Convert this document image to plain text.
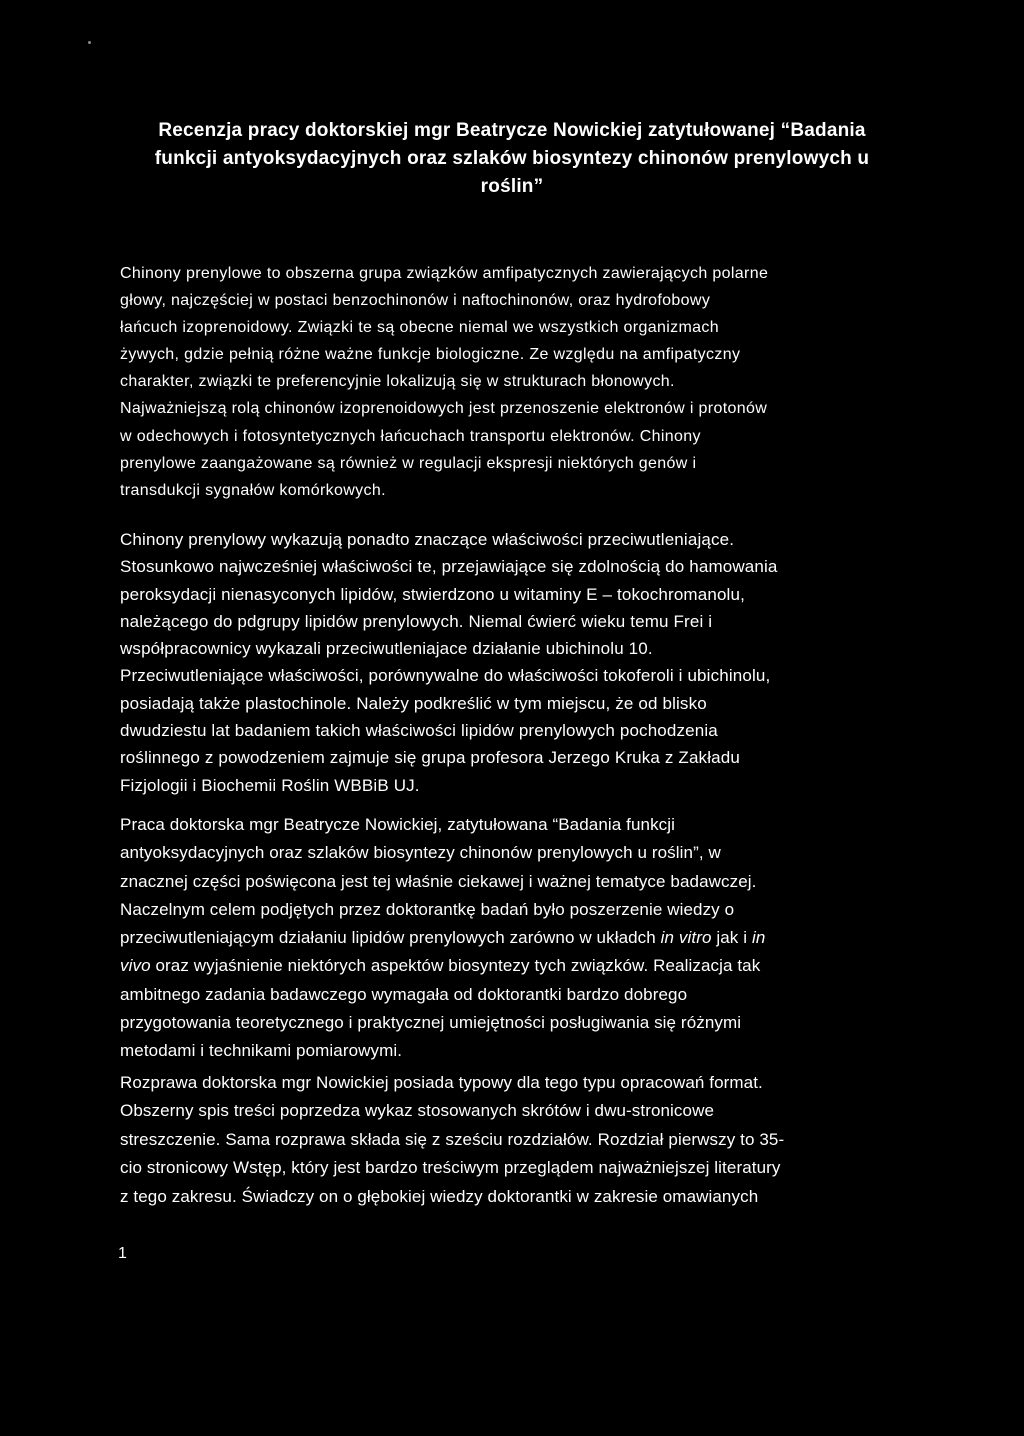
Recenzja pracy doktorskiej mgr Beatrycze Nowickiej zatytułowanej “Badania
funkcji antyoksydacyjnych oraz szlaków biosyntezy chinonów prenylowych u
roślin”

Chinony prenylowe to obszerna grupa związków amfipatycznych zawierających polarne
głowy, najczęściej w postaci benzochinonów i naftochinonów, oraz hydrofobowy
łańcuch izoprenoidowy. Związki te są obecne niemal we wszystkich organizmach
żywych, gdzie pełnią różne ważne funkcje biologiczne. Ze względu na amfipatyczny
charakter, związki te preferencyjnie lokalizują się w strukturach błonowych.
Najważniejszą rolą chinonów izoprenoidowych jest przenoszenie elektronów i protonów
w odechowych i fotosyntetycznych łańcuchach transportu elektronów. Chinony
prenylowe zaangażowane są również w regulacji ekspresji niektórych genów i
transdukcji sygnałów komórkowych.

Chinony prenylowy wykazują ponadto znaczące właściwości przeciwutleniające.
Stosunkowo najwcześniej właściwości te, przejawiające się zdolnością do hamowania
peroksydacji nienasyconych lipidów, stwierdzono u witaminy E – tokochromanolu,
należącego do pdgrupy lipidów prenylowych. Niemal ćwierć wieku temu Frei i
współpracownicy wykazali przeciwutleniajace działanie ubichinolu 10.
Przeciwutleniające właściwości, porównywalne do właściwości tokoferoli i ubichinolu,
posiadają także plastochinole. Należy podkreślić w tym miejscu, że od blisko
dwudziestu lat badaniem takich właściwości lipidów prenylowych pochodzenia
roślinnego z powodzeniem zajmuje się grupa profesora Jerzego Kruka z Zakładu
Fizjologii i Biochemii Roślin WBBiB UJ.

Praca doktorska mgr Beatrycze Nowickiej, zatytułowana “Badania funkcji
antyoksydacyjnych oraz szlaków biosyntezy chinonów prenylowych u roślin”, w
znacznej części poświęcona jest tej właśnie ciekawej i ważnej tematyce badawczej.
Naczelnym celem podjętych przez doktorantkę badań było poszerzenie wiedzy o
przeciwutleniającym działaniu lipidów prenylowych zarówno w układch in vitro jak i in
vivo oraz wyjaśnienie niektórych aspektów biosyntezy tych związków. Realizacja tak
ambitnego zadania badawczego wymagała od doktorantki bardzo dobrego
przygotowania teoretycznego i praktycznej umiejętności posługiwania się różnymi
metodami i technikami pomiarowymi.

Rozprawa doktorska mgr Nowickiej posiada typowy dla tego typu opracowań format.
Obszerny spis treści poprzedza wykaz stosowanych skrótów i dwu-stronicowe
streszczenie. Sama rozprawa składa się z sześciu rozdziałów. Rozdział pierwszy to 35-
cio stronicowy Wstęp, który jest bardzo treściwym przeglądem najważniejszej literatury
z tego zakresu. Świadczy on o głębokiej wiedzy doktorantki w zakresie omawianych

1
